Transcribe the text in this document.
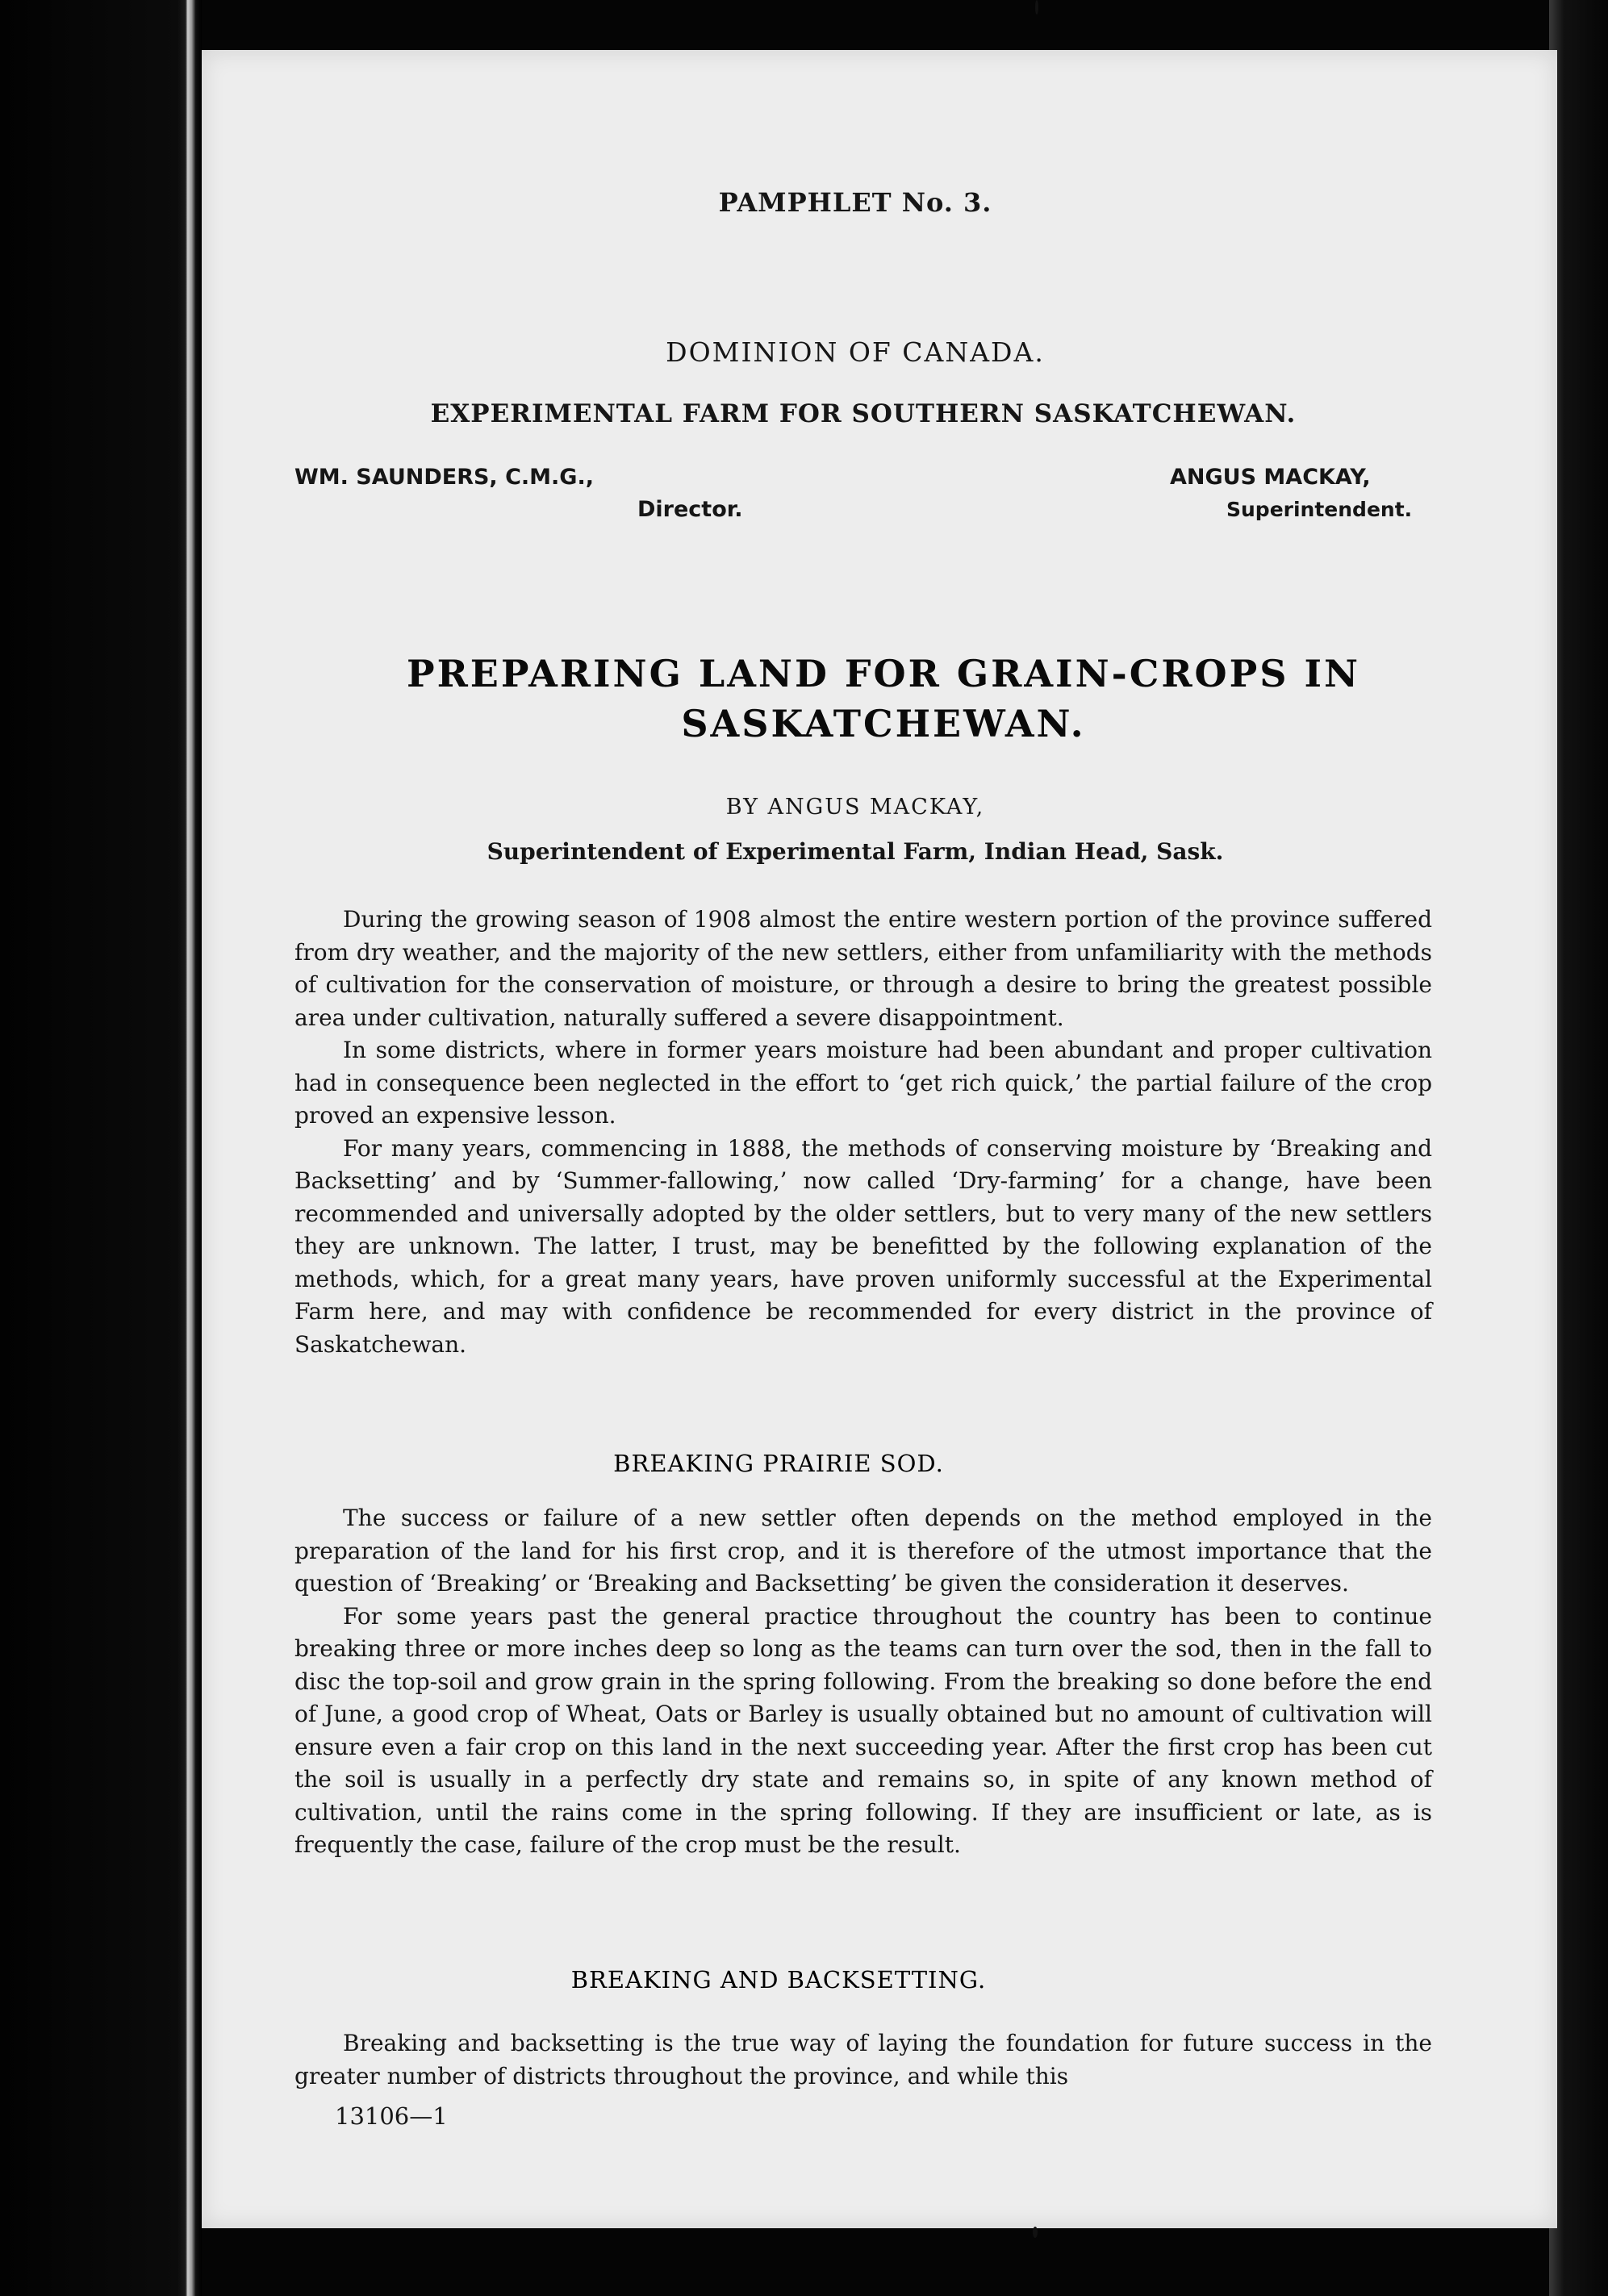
PAMPHLET No. 3.
DOMINION OF CANADA.
EXPERIMENTAL FARM FOR SOUTHERN SASKATCHEWAN.
WM. SAUNDERS, C.M.G.,
Director.
ANGUS MACKAY,
Superintendent.
PREPARING LAND FOR GRAIN-CROPS IN
SASKATCHEWAN.
BY ANGUS MACKAY,
Superintendent of Experimental Farm, Indian Head, Sask.

During the growing season of 1908 almost the entire western portion of the province suffered from dry weather, and the majority of the new settlers, either from unfamiliarity with the methods of cultivation for the conservation of moisture, or through a desire to bring the greatest possible area under cultivation, naturally suffered a severe disappointment.

In some districts, where in former years moisture had been abundant and proper cultivation had in consequence been neglected in the effort to ‘get rich quick,’ the partial failure of the crop proved an expensive lesson.

For many years, commencing in 1888, the methods of conserving moisture by ‘Breaking and Backsetting’ and by ‘Summer-fallowing,’ now called ‘Dry-farming’ for a change, have been recommended and universally adopted by the older settlers, but to very many of the new settlers they are unknown. The latter, I trust, may be benefitted by the following explanation of the methods, which, for a great many years, have proven uniformly successful at the Experimental Farm here, and may with confidence be recommended for every district in the province of Saskatchewan.

BREAKING PRAIRIE SOD.

The success or failure of a new settler often depends on the method employed in the preparation of the land for his first crop, and it is therefore of the utmost importance that the question of ‘Breaking’ or ‘Breaking and Backsetting’ be given the consideration it deserves.

For some years past the general practice throughout the country has been to continue breaking three or more inches deep so long as the teams can turn over the sod, then in the fall to disc the top-soil and grow grain in the spring following. From the breaking so done before the end of June, a good crop of Wheat, Oats or Barley is usually obtained but no amount of cultivation will ensure even a fair crop on this land in the next succeeding year. After the first crop has been cut the soil is usually in a perfectly dry state and remains so, in spite of any known method of cultivation, until the rains come in the spring following. If they are insufficient or late, as is frequently the case, failure of the crop must be the result.

BREAKING AND BACKSETTING.

Breaking and backsetting is the true way of laying the foundation for future success in the greater number of districts throughout the province, and while this

13106—1
